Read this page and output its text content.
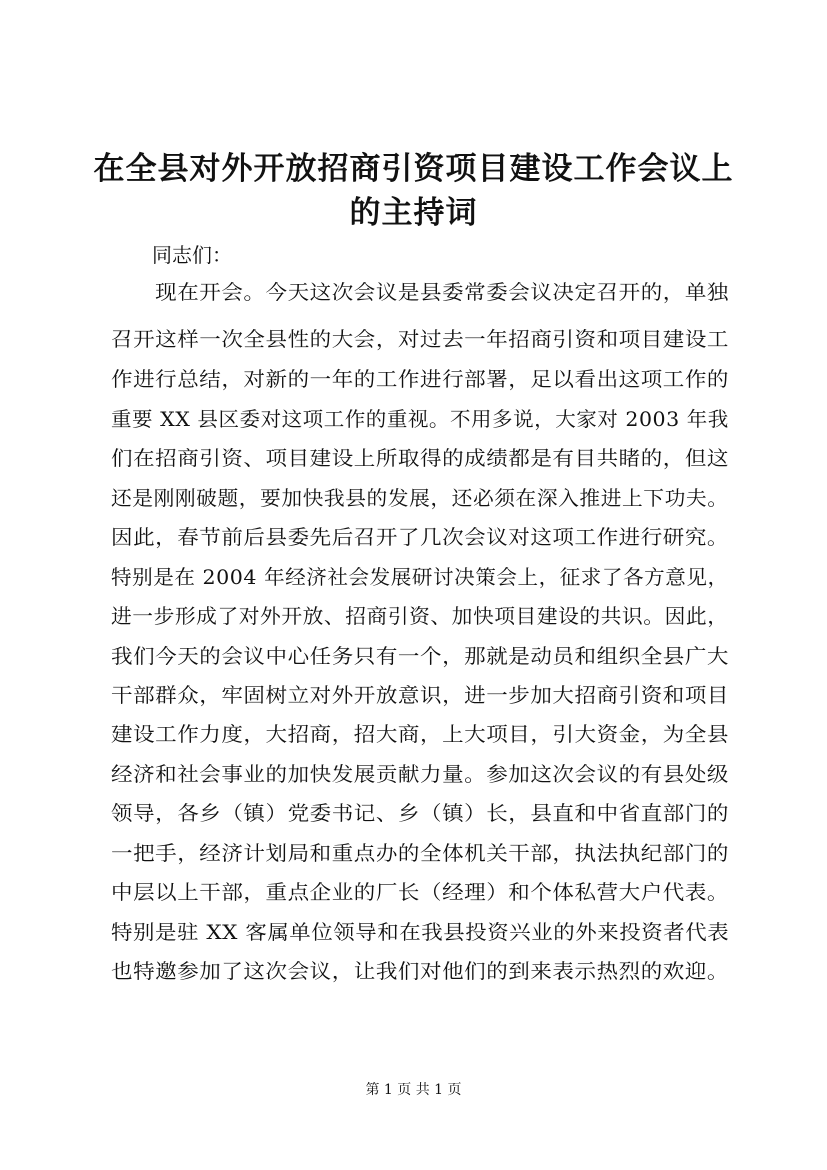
在全县对外开放招商引资项目建设工作会议上
的主持词
同志们：
　　现在开会。今天这次会议是县委常委会议决定召开的，单独
召开这样一次全县性的大会，对过去一年招商引资和项目建设工
作进行总结，对新的一年的工作进行部署，足以看出这项工作的
重要 XX 县区委对这项工作的重视。不用多说，大家对 2003 年我
们在招商引资、项目建设上所取得的成绩都是有目共睹的，但这
还是刚刚破题，要加快我县的发展，还必须在深入推进上下功夫。
因此，春节前后县委先后召开了几次会议对这项工作进行研究。
特别是在 2004 年经济社会发展研讨决策会上，征求了各方意见，
进一步形成了对外开放、招商引资、加快项目建设的共识。因此，
我们今天的会议中心任务只有一个，那就是动员和组织全县广大
干部群众，牢固树立对外开放意识，进一步加大招商引资和项目
建设工作力度，大招商，招大商，上大项目，引大资金，为全县
经济和社会事业的加快发展贡献力量。参加这次会议的有县处级
领导，各乡（镇）党委书记、乡（镇）长，县直和中省直部门的
一把手，经济计划局和重点办的全体机关干部，执法执纪部门的
中层以上干部，重点企业的厂长（经理）和个体私营大户代表。
特别是驻 XX 客属单位领导和在我县投资兴业的外来投资者代表
也特邀参加了这次会议，让我们对他们的到来表示热烈的欢迎。
第 1 页 共 1 页
